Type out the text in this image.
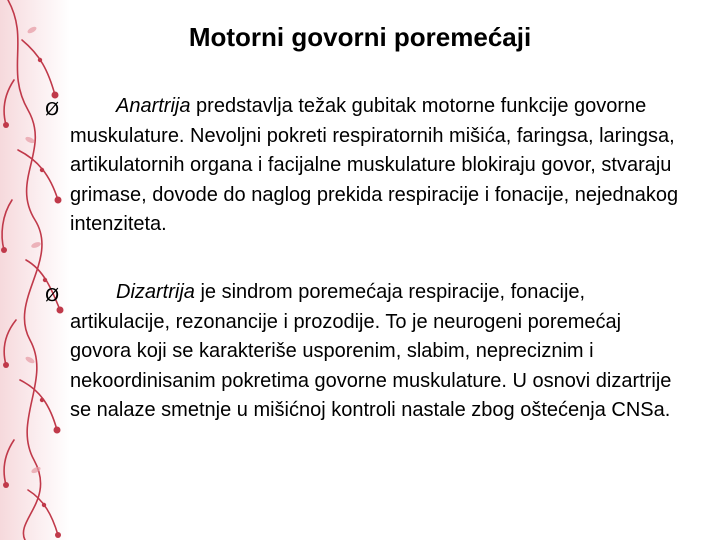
Motorni govorni poremećaji
Ø	Anartrija predstavlja težak gubitak motorne funkcije govorne muskulature. Nevoljni pokreti respiratornih mišića, faringsa, laringsa, artikulatornih organa i facijalne muskulature blokiraju govor, stvaraju grimase, dovode do naglog prekida respiracije i fonacije, nejednakog intenziteta.
Ø	Dizartrija je sindrom poremećaja respiracije, fonacije, artikulacije, rezonancije i prozodije. To je neurogeni poremećaj govora koji se karakteriše usporenim, slabim, nepreciznim i nekoordinisanim pokretima govorne muskulature. U osnovi dizartrije se nalaze smetnje u mišićnoj kontroli nastale zbog oštećenja CNSa.
